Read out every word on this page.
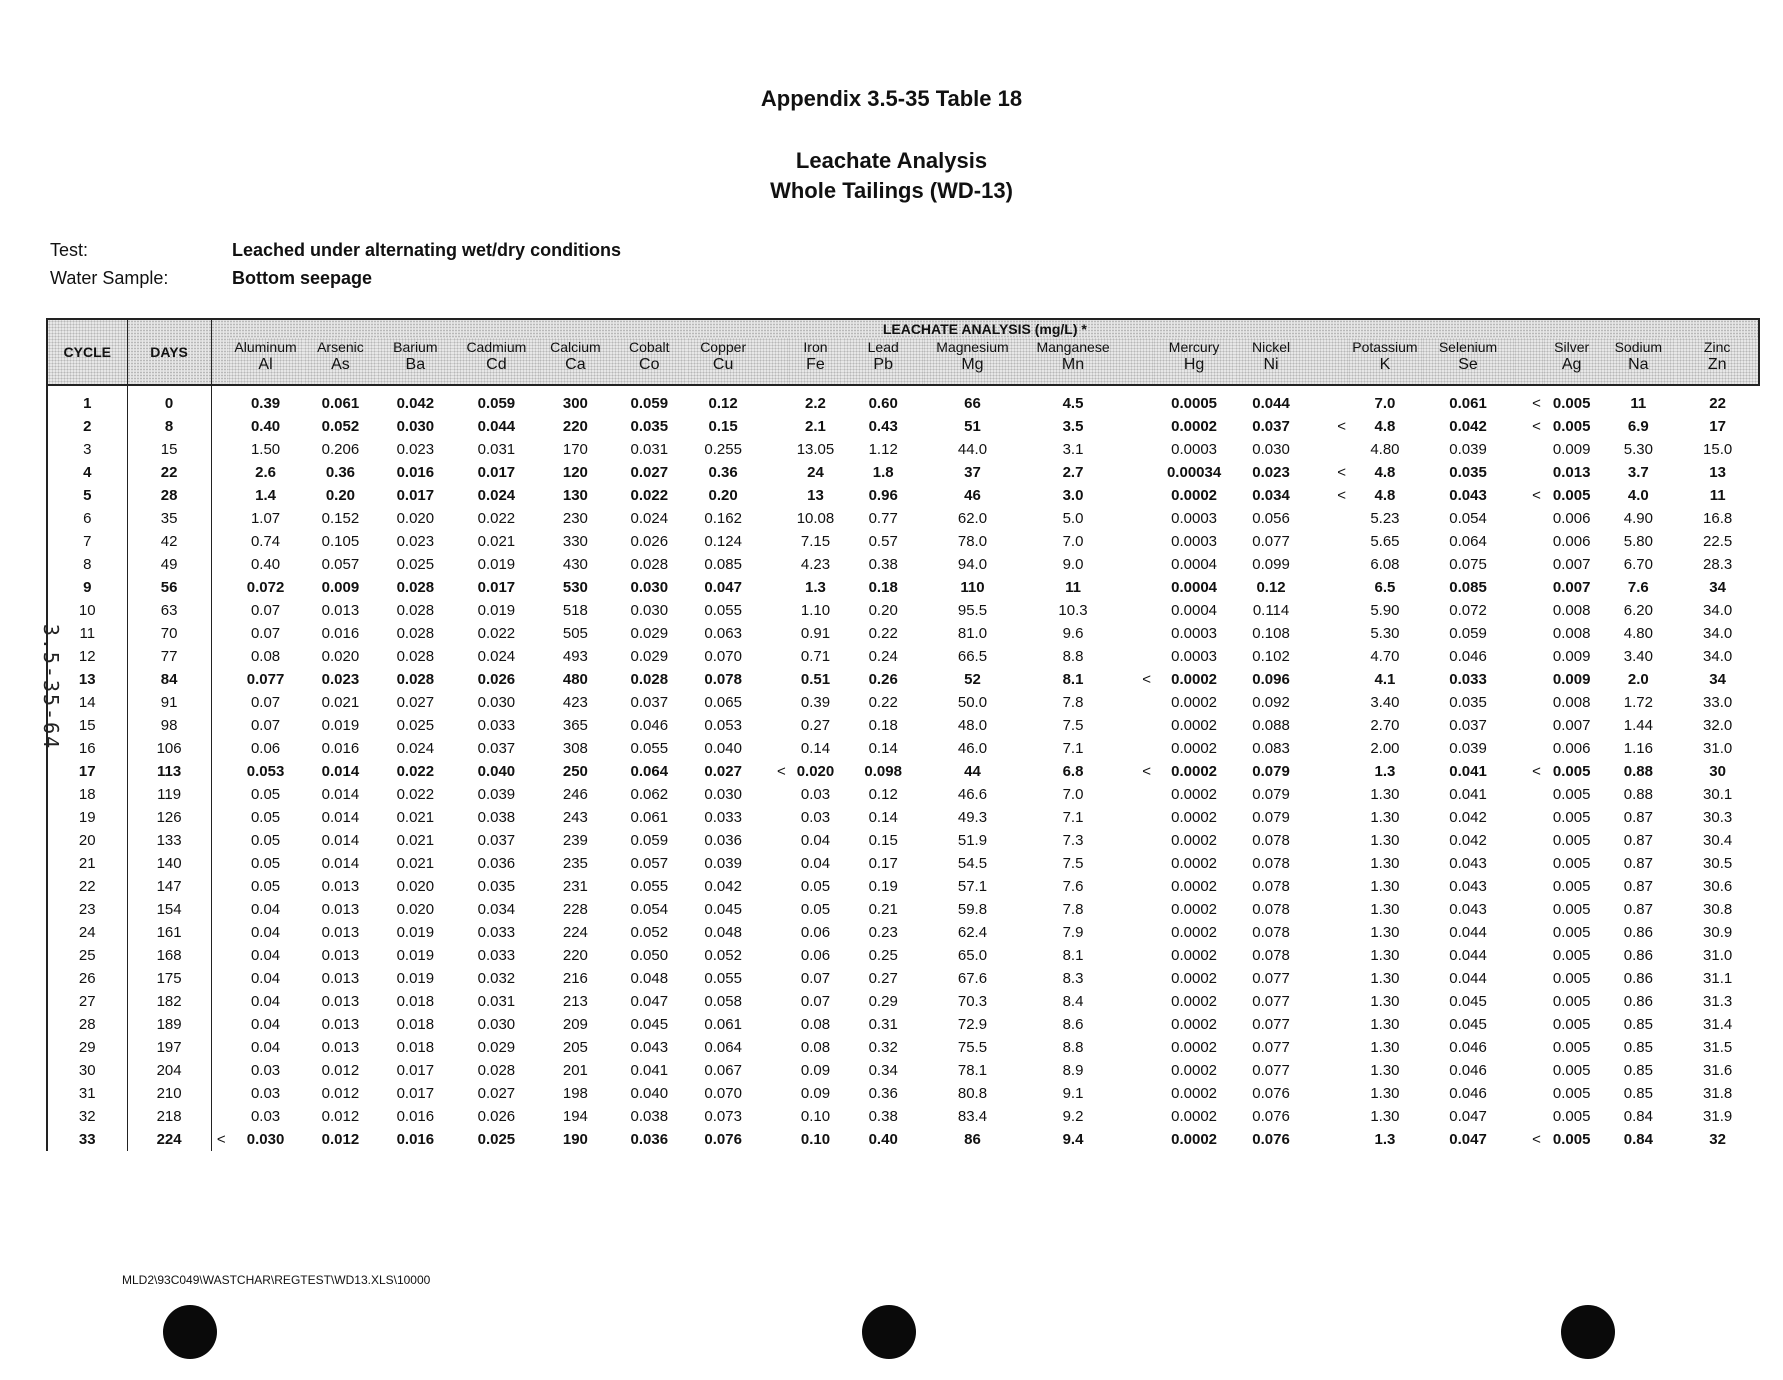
Appendix 3.5-35 Table 18
Leachate Analysis
Whole Tailings (WD-13)
Test:	Leached under alternating wet/dry conditions
Water Sample:	Bottom seepage
3.5-35-64
CYCLE	DAYS	LEACHATE ANALYSIS (mg/L) *																						
			Aluminum	Arsenic	Barium	Cadmium	Calcium	Cobalt	Copper		Iron	Lead	Magnesium	Manganese		Mercury	Nickel		Potassium	Selenium		Silver	Sodium	Zinc
			Al	As	Ba	Cd	Ca	Co	Cu		Fe	Pb	Mg	Mn		Hg	Ni		K	Se		Ag	Na	Zn
1	0		0.39	0.061	0.042	0.059	300	0.059	0.12		2.2	0.60	66	4.5		0.0005	0.044		7.0	0.061	<	0.005	11	22
2	8		0.40	0.052	0.030	0.044	220	0.035	0.15		2.1	0.43	51	3.5		0.0002	0.037	<	4.8	0.042	<	0.005	6.9	17
3	15		1.50	0.206	0.023	0.031	170	0.031	0.255		13.05	1.12	44.0	3.1		0.0003	0.030		4.80	0.039		0.009	5.30	15.0
4	22		2.6	0.36	0.016	0.017	120	0.027	0.36		24	1.8	37	2.7		0.00034	0.023	<	4.8	0.035		0.013	3.7	13
5	28		1.4	0.20	0.017	0.024	130	0.022	0.20		13	0.96	46	3.0		0.0002	0.034	<	4.8	0.043	<	0.005	4.0	11
6	35		1.07	0.152	0.020	0.022	230	0.024	0.162		10.08	0.77	62.0	5.0		0.0003	0.056		5.23	0.054		0.006	4.90	16.8
7	42		0.74	0.105	0.023	0.021	330	0.026	0.124		7.15	0.57	78.0	7.0		0.0003	0.077		5.65	0.064		0.006	5.80	22.5
8	49		0.40	0.057	0.025	0.019	430	0.028	0.085		4.23	0.38	94.0	9.0		0.0004	0.099		6.08	0.075		0.007	6.70	28.3
9	56		0.072	0.009	0.028	0.017	530	0.030	0.047		1.3	0.18	110	11		0.0004	0.12		6.5	0.085		0.007	7.6	34
10	63		0.07	0.013	0.028	0.019	518	0.030	0.055		1.10	0.20	95.5	10.3		0.0004	0.114		5.90	0.072		0.008	6.20	34.0
11	70		0.07	0.016	0.028	0.022	505	0.029	0.063		0.91	0.22	81.0	9.6		0.0003	0.108		5.30	0.059		0.008	4.80	34.0
12	77		0.08	0.020	0.028	0.024	493	0.029	0.070		0.71	0.24	66.5	8.8		0.0003	0.102		4.70	0.046		0.009	3.40	34.0
13	84		0.077	0.023	0.028	0.026	480	0.028	0.078		0.51	0.26	52	8.1	<	0.0002	0.096		4.1	0.033		0.009	2.0	34
14	91		0.07	0.021	0.027	0.030	423	0.037	0.065		0.39	0.22	50.0	7.8		0.0002	0.092		3.40	0.035		0.008	1.72	33.0
15	98		0.07	0.019	0.025	0.033	365	0.046	0.053		0.27	0.18	48.0	7.5		0.0002	0.088		2.70	0.037		0.007	1.44	32.0
16	106		0.06	0.016	0.024	0.037	308	0.055	0.040		0.14	0.14	46.0	7.1		0.0002	0.083		2.00	0.039		0.006	1.16	31.0
17	113		0.053	0.014	0.022	0.040	250	0.064	0.027	<	0.020	0.098	44	6.8	<	0.0002	0.079		1.3	0.041	<	0.005	0.88	30
18	119		0.05	0.014	0.022	0.039	246	0.062	0.030		0.03	0.12	46.6	7.0		0.0002	0.079		1.30	0.041		0.005	0.88	30.1
19	126		0.05	0.014	0.021	0.038	243	0.061	0.033		0.03	0.14	49.3	7.1		0.0002	0.079		1.30	0.042		0.005	0.87	30.3
20	133		0.05	0.014	0.021	0.037	239	0.059	0.036		0.04	0.15	51.9	7.3		0.0002	0.078		1.30	0.042		0.005	0.87	30.4
21	140		0.05	0.014	0.021	0.036	235	0.057	0.039		0.04	0.17	54.5	7.5		0.0002	0.078		1.30	0.043		0.005	0.87	30.5
22	147		0.05	0.013	0.020	0.035	231	0.055	0.042		0.05	0.19	57.1	7.6		0.0002	0.078		1.30	0.043		0.005	0.87	30.6
23	154		0.04	0.013	0.020	0.034	228	0.054	0.045		0.05	0.21	59.8	7.8		0.0002	0.078		1.30	0.043		0.005	0.87	30.8
24	161		0.04	0.013	0.019	0.033	224	0.052	0.048		0.06	0.23	62.4	7.9		0.0002	0.078		1.30	0.044		0.005	0.86	30.9
25	168		0.04	0.013	0.019	0.033	220	0.050	0.052		0.06	0.25	65.0	8.1		0.0002	0.078		1.30	0.044		0.005	0.86	31.0
26	175		0.04	0.013	0.019	0.032	216	0.048	0.055		0.07	0.27	67.6	8.3		0.0002	0.077		1.30	0.044		0.005	0.86	31.1
27	182		0.04	0.013	0.018	0.031	213	0.047	0.058		0.07	0.29	70.3	8.4		0.0002	0.077		1.30	0.045		0.005	0.86	31.3
28	189		0.04	0.013	0.018	0.030	209	0.045	0.061		0.08	0.31	72.9	8.6		0.0002	0.077		1.30	0.045		0.005	0.85	31.4
29	197		0.04	0.013	0.018	0.029	205	0.043	0.064		0.08	0.32	75.5	8.8		0.0002	0.077		1.30	0.046		0.005	0.85	31.5
30	204		0.03	0.012	0.017	0.028	201	0.041	0.067		0.09	0.34	78.1	8.9		0.0002	0.077		1.30	0.046		0.005	0.85	31.6
31	210		0.03	0.012	0.017	0.027	198	0.040	0.070		0.09	0.36	80.8	9.1		0.0002	0.076		1.30	0.046		0.005	0.85	31.8
32	218		0.03	0.012	0.016	0.026	194	0.038	0.073		0.10	0.38	83.4	9.2		0.0002	0.076		1.30	0.047		0.005	0.84	31.9
33	224	<	0.030	0.012	0.016	0.025	190	0.036	0.076		0.10	0.40	86	9.4		0.0002	0.076		1.3	0.047	<	0.005	0.84	32
MLD2\93C049\WASTCHAR\REGTEST\WD13.XLS\10000
